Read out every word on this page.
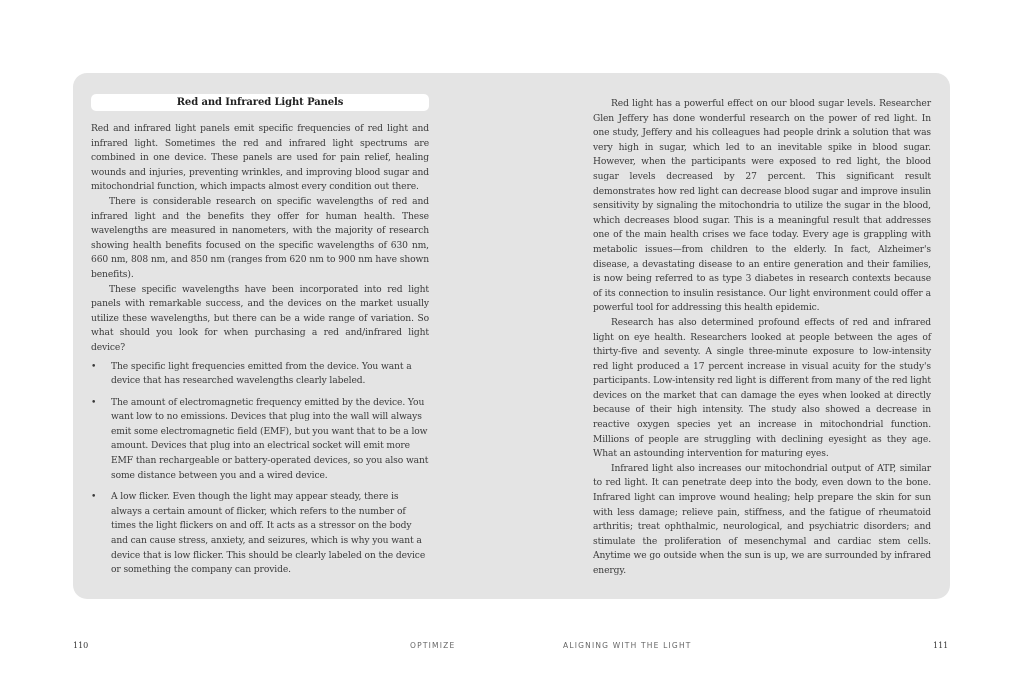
Red and Infrared Light Panels

Red and infrared light panels emit specific frequencies of red light and infrared light. Sometimes the red and infrared light spectrums are combined in one device. These panels are used for pain relief, healing wounds and injuries, preventing wrinkles, and improving blood sugar and mitochondrial function, which impacts almost every condition out there.

There is considerable research on specific wavelengths of red and infrared light and the benefits they offer for human health. These wavelengths are measured in nanometers, with the majority of research showing health benefits focused on the specific wavelengths of 630 nm, 660 nm, 808 nm, and 850 nm (ranges from 620 nm to 900 nm have shown benefits).

These specific wavelengths have been incorporated into red light panels with remarkable success, and the devices on the market usually utilize these wavelengths, but there can be a wide range of variation. So what should you look for when purchasing a red and/infrared light device?

• The specific light frequencies emitted from the device. You want a device that has researched wavelengths clearly labeled.
• The amount of electromagnetic frequency emitted by the device. You want low to no emissions. Devices that plug into the wall will always emit some electromagnetic field (EMF), but you want that to be a low amount. Devices that plug into an electrical socket will emit more EMF than rechargeable or battery-operated devices, so you also want some distance between you and a wired device.
• A low flicker. Even though the light may appear steady, there is always a certain amount of flicker, which refers to the number of times the light flickers on and off. It acts as a stressor on the body and can cause stress, anxiety, and seizures, which is why you want a device that is low flicker. This should be clearly labeled on the device or something the company can provide.

Red light has a powerful effect on our blood sugar levels. Researcher Glen Jeffery has done wonderful research on the power of red light. In one study, Jeffery and his colleagues had people drink a solution that was very high in sugar, which led to an inevitable spike in blood sugar. However, when the participants were exposed to red light, the blood sugar levels decreased by 27 percent. This significant result demonstrates how red light can decrease blood sugar and improve insulin sensitivity by signaling the mitochondria to utilize the sugar in the blood, which decreases blood sugar. This is a meaningful result that addresses one of the main health crises we face today. Every age is grappling with metabolic issues—from children to the elderly. In fact, Alzheimer's disease, a devastating disease to an entire generation and their families, is now being referred to as type 3 diabetes in research contexts because of its connection to insulin resistance. Our light environment could offer a powerful tool for addressing this health epidemic.

Research has also determined profound effects of red and infrared light on eye health. Researchers looked at people between the ages of thirty-five and seventy. A single three-minute exposure to low-intensity red light produced a 17 percent increase in visual acuity for the study's participants. Low-intensity red light is different from many of the red light devices on the market that can damage the eyes when looked at directly because of their high intensity. The study also showed a decrease in reactive oxygen species yet an increase in mitochondrial function. Millions of people are struggling with declining eyesight as they age. What an astounding intervention for maturing eyes.

Infrared light also increases our mitochondrial output of ATP, similar to red light. It can penetrate deep into the body, even down to the bone. Infrared light can improve wound healing; help prepare the skin for sun with less damage; relieve pain, stiffness, and the fatigue of rheumatoid arthritis; treat ophthalmic, neurological, and psychiatric disorders; and stimulate the proliferation of mesenchymal and cardiac stem cells. Anytime we go outside when the sun is up, we are surrounded by infrared energy.

110	OPTIMIZE	ALIGNING WITH THE LIGHT	111
